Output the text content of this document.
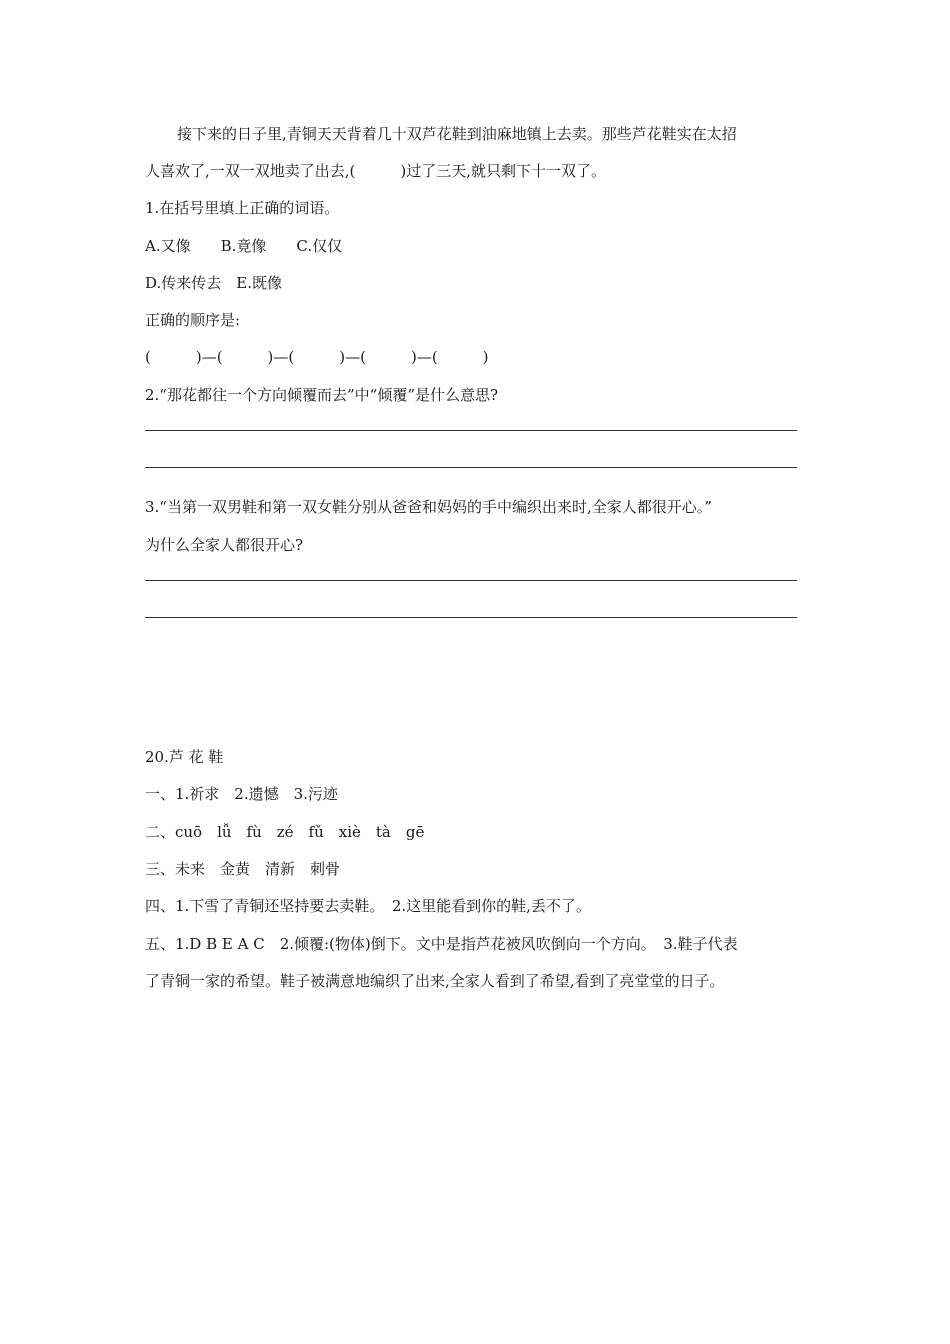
接下来的日子里,青铜天天背着几十双芦花鞋到油麻地镇上去卖。那些芦花鞋实在太招
人喜欢了,一双一双地卖了出去,(　　　)过了三天,就只剩下十一双了。
1.在括号里填上正确的词语。
A.又像　　B.竟像　　C.仅仅
D.传来传去　E.既像
正确的顺序是:
(　　　)—(　　　)—(　　　)—(　　　)—(　　　)
2.“那花都往一个方向倾覆而去”中“倾覆”是什么意思?
3.“当第一双男鞋和第一双女鞋分别从爸爸和妈妈的手中编织出来时,全家人都很开心。”
为什么全家人都很开心?
20.芦 花 鞋
一、1.祈求　2.遗憾　3.污迹
二、cuō　lǚ　fù　zé　fǔ　xiè　tà　gē
三、未来　金黄　清新　刺骨
四、1.下雪了青铜还坚持要去卖鞋。　2.这里能看到你的鞋,丢不了。
五、1.D B E A C　2.倾覆:(物体)倒下。文中是指芦花被风吹倒向一个方向。　3.鞋子代表
了青铜一家的希望。鞋子被满意地编织了出来,全家人看到了希望,看到了亮堂堂的日子。
